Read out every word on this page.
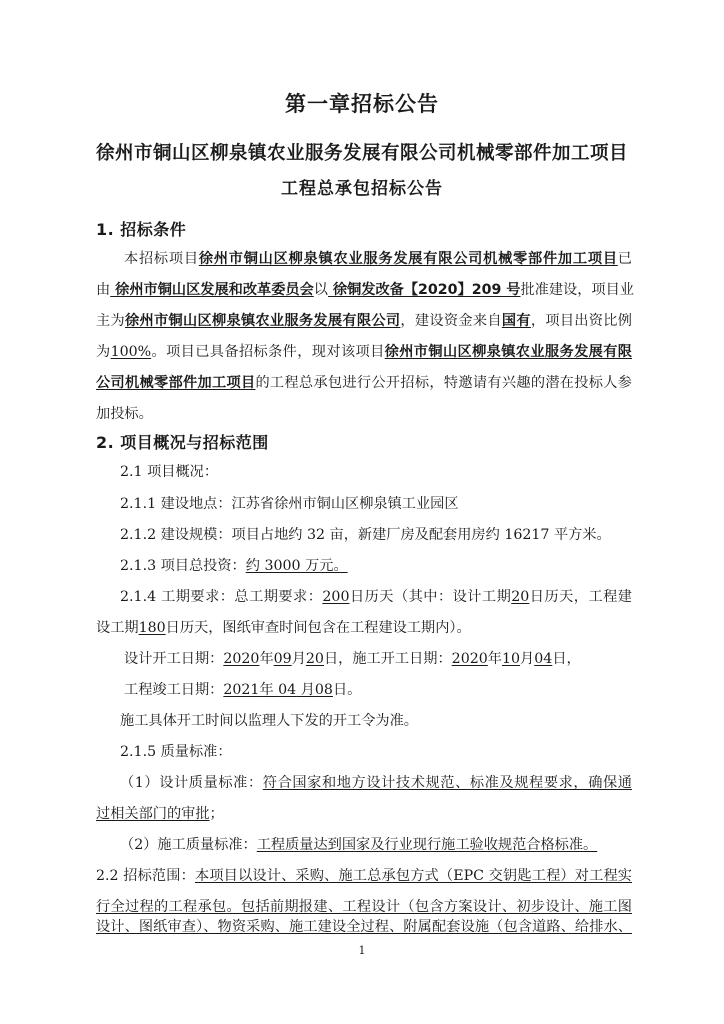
第一章招标公告
徐州市铜山区柳泉镇农业服务发展有限公司机械零部件加工项目
工程总承包招标公告
1. 招标条件
本招标项目徐州市铜山区柳泉镇农业服务发展有限公司机械零部件加工项目已
由 徐州市铜山区发展和改革委员会以 徐铜发改备【2020】209 号批准建设，项目业
主为徐州市铜山区柳泉镇农业服务发展有限公司，建设资金来自国有，项目出资比例
为100%。项目已具备招标条件，现对该项目徐州市铜山区柳泉镇农业服务发展有限
公司机械零部件加工项目的工程总承包进行公开招标，特邀请有兴趣的潜在投标人参
加投标。
2. 项目概况与招标范围
2.1 项目概况：
2.1.1 建设地点：江苏省徐州市铜山区柳泉镇工业园区
2.1.2 建设规模：项目占地约 32 亩，新建厂房及配套用房约 16217 平方米。
2.1.3 项目总投资：约 3000 万元。
2.1.4 工期要求：总工期要求：200日历天（其中：设计工期20日历天，工程建
设工期180日历天，图纸审查时间包含在工程建设工期内）。
设计开工日期：2020年09月20日，施工开工日期：2020年10月04日，
工程竣工日期：2021年 04 月08日。
施工具体开工时间以监理人下发的开工令为准。
2.1.5 质量标准：
（1）设计质量标准：符合国家和地方设计技术规范、标准及规程要求，确保通
过相关部门的审批；
（2）施工质量标准：工程质量达到国家及行业现行施工验收规范合格标准。
2.2 招标范围：本项目以设计、采购、施工总承包方式（EPC 交钥匙工程）对工程实
行全过程的工程承包。包括前期报建、工程设计（包含方案设计、初步设计、施工图
设计、图纸审查）、物资采购、施工建设全过程、附属配套设施（包含道路、给排水、
1
